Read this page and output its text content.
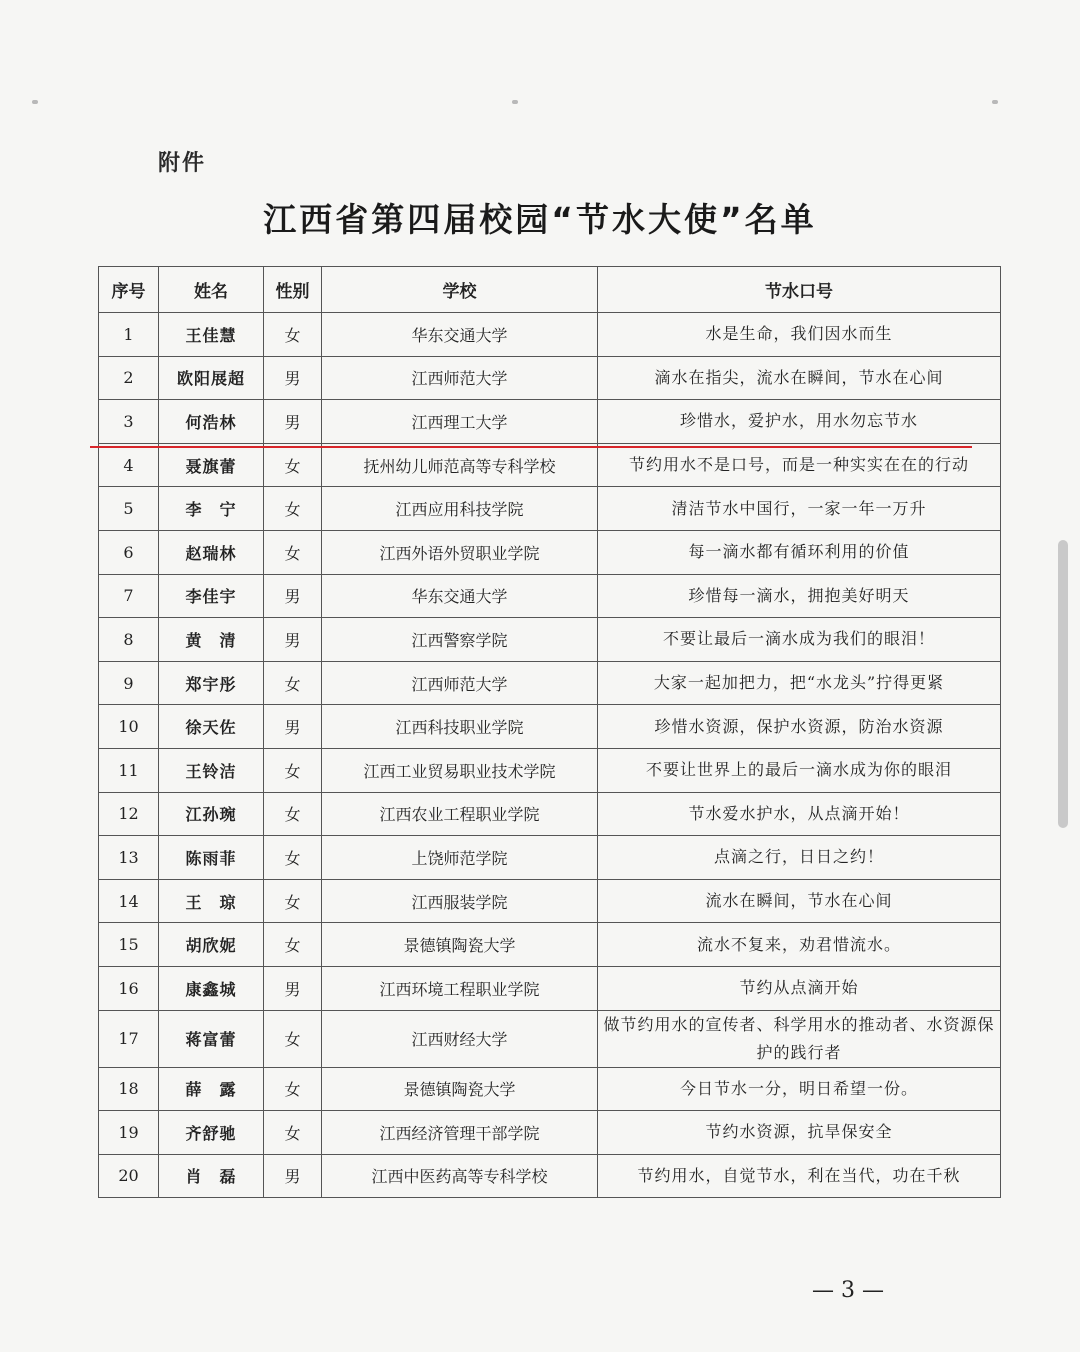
附件
江西省第四届校园“节水大使”名单
序号	姓名	性别	学校	节水口号
1	王佳慧	女	华东交通大学	水是生命，我们因水而生
2	欧阳展超	男	江西师范大学	滴水在指尖，流水在瞬间，节水在心间
3	何浩林	男	江西理工大学	珍惜水，爱护水，用水勿忘节水
4	聂旗蕾	女	抚州幼儿师范高等专科学校	节约用水不是口号，而是一种实实在在的行动
5	李　宁	女	江西应用科技学院	清洁节水中国行，一家一年一万升
6	赵瑞林	女	江西外语外贸职业学院	每一滴水都有循环利用的价值
7	李佳宇	男	华东交通大学	珍惜每一滴水，拥抱美好明天
8	黄　清	男	江西警察学院	不要让最后一滴水成为我们的眼泪！
9	郑宇彤	女	江西师范大学	大家一起加把力，把“水龙头”拧得更紧
10	徐天佐	男	江西科技职业学院	珍惜水资源，保护水资源，防治水资源
11	王铃洁	女	江西工业贸易职业技术学院	不要让世界上的最后一滴水成为你的眼泪
12	江孙琬	女	江西农业工程职业学院	节水爱水护水，从点滴开始！
13	陈雨菲	女	上饶师范学院	点滴之行，日日之约！
14	王　琼	女	江西服装学院	流水在瞬间，节水在心间
15	胡欣妮	女	景德镇陶瓷大学	流水不复来，劝君惜流水。
16	康鑫城	男	江西环境工程职业学院	节约从点滴开始
17	蒋富蕾	女	江西财经大学	做节约用水的宣传者、科学用水的推动者、水资源保护的践行者
18	薛　露	女	景德镇陶瓷大学	今日节水一分，明日希望一份。
19	齐舒驰	女	江西经济管理干部学院	节约水资源，抗旱保安全
20	肖　磊	男	江西中医药高等专科学校	节约用水，自觉节水，利在当代，功在千秋
— 3 —
